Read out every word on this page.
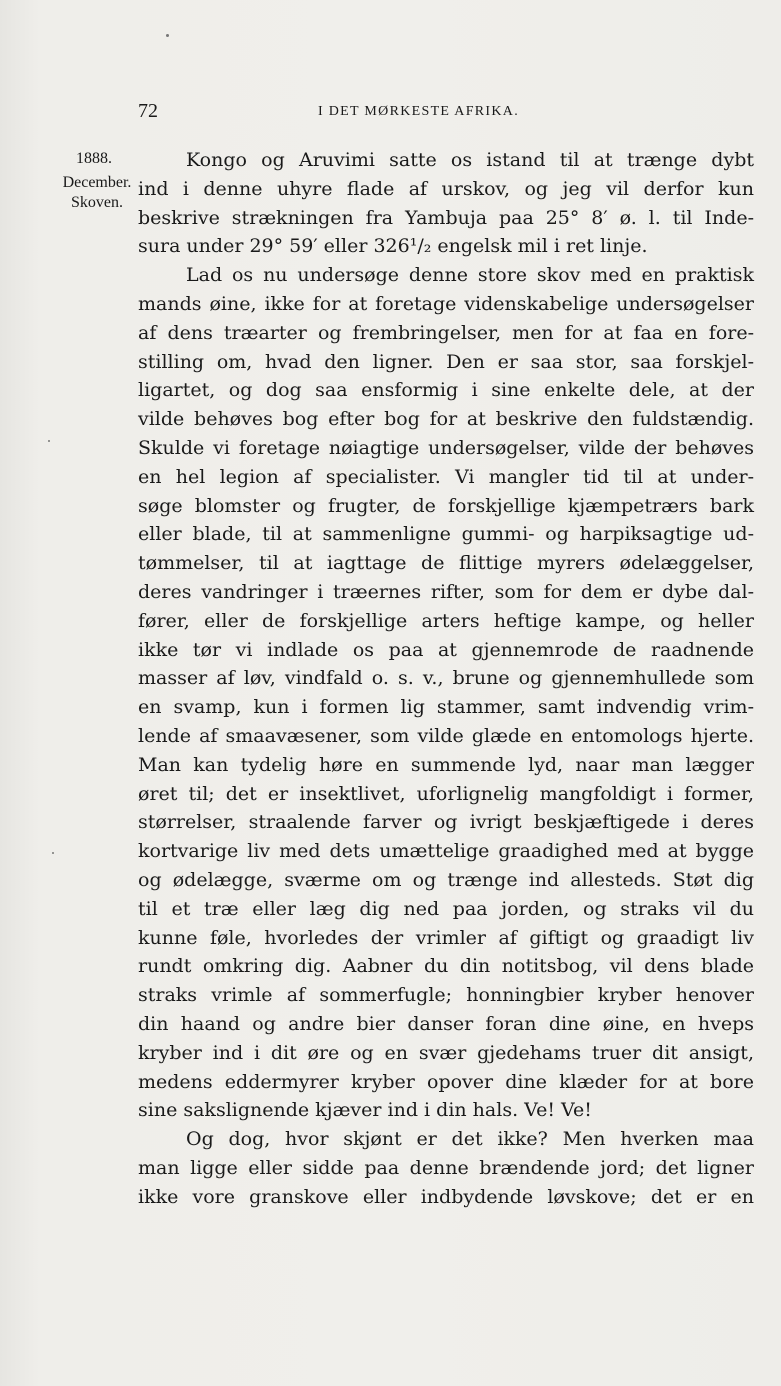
72	I DET MØRKESTE AFRIKA.
1888.
December.
Skoven.
Kongo og Aruvimi satte os istand til at trænge dybt
ind i denne uhyre flade af urskov, og jeg vil derfor kun
beskrive strækningen fra Yambuja paa 25° 8′ ø. l. til Inde-
sura under 29° 59′ eller 326¹/₂ engelsk mil i ret linje.
Lad os nu undersøge denne store skov med en praktisk
mands øine, ikke for at foretage videnskabelige undersøgelser
af dens træarter og frembringelser, men for at faa en fore-
stilling om, hvad den ligner. Den er saa stor, saa forskjel-
ligartet, og dog saa ensformig i sine enkelte dele, at der
vilde behøves bog efter bog for at beskrive den fuldstændig.
Skulde vi foretage nøiagtige undersøgelser, vilde der behøves
en hel legion af specialister. Vi mangler tid til at under-
søge blomster og frugter, de forskjellige kjæmpetrærs bark
eller blade, til at sammenligne gummi- og harpiksagtige ud-
tømmelser, til at iagttage de flittige myrers ødelæggelser,
deres vandringer i træernes rifter, som for dem er dybe dal-
fører, eller de forskjellige arters heftige kampe, og heller
ikke tør vi indlade os paa at gjennemrode de raadnende
masser af løv, vindfald o. s. v., brune og gjennemhullede som
en svamp, kun i formen lig stammer, samt indvendig vrim-
lende af smaavæsener, som vilde glæde en entomologs hjerte.
Man kan tydelig høre en summende lyd, naar man lægger
øret til; det er insektlivet, uforlignelig mangfoldigt i former,
størrelser, straalende farver og ivrigt beskjæftigede i deres
kortvarige liv med dets umættelige graadighed med at bygge
og ødelægge, sværme om og trænge ind allesteds. Støt dig
til et træ eller læg dig ned paa jorden, og straks vil du
kunne føle, hvorledes der vrimler af giftigt og graadigt liv
rundt omkring dig. Aabner du din notitsbog, vil dens blade
straks vrimle af sommerfugle; honningbier kryber henover
din haand og andre bier danser foran dine øine, en hveps
kryber ind i dit øre og en svær gjedehams truer dit ansigt,
medens eddermyrer kryber opover dine klæder for at bore
sine sakslignende kjæver ind i din hals. Ve! Ve!
Og dog, hvor skjønt er det ikke? Men hverken maa
man ligge eller sidde paa denne brændende jord; det ligner
ikke vore granskove eller indbydende løvskove; det er en
